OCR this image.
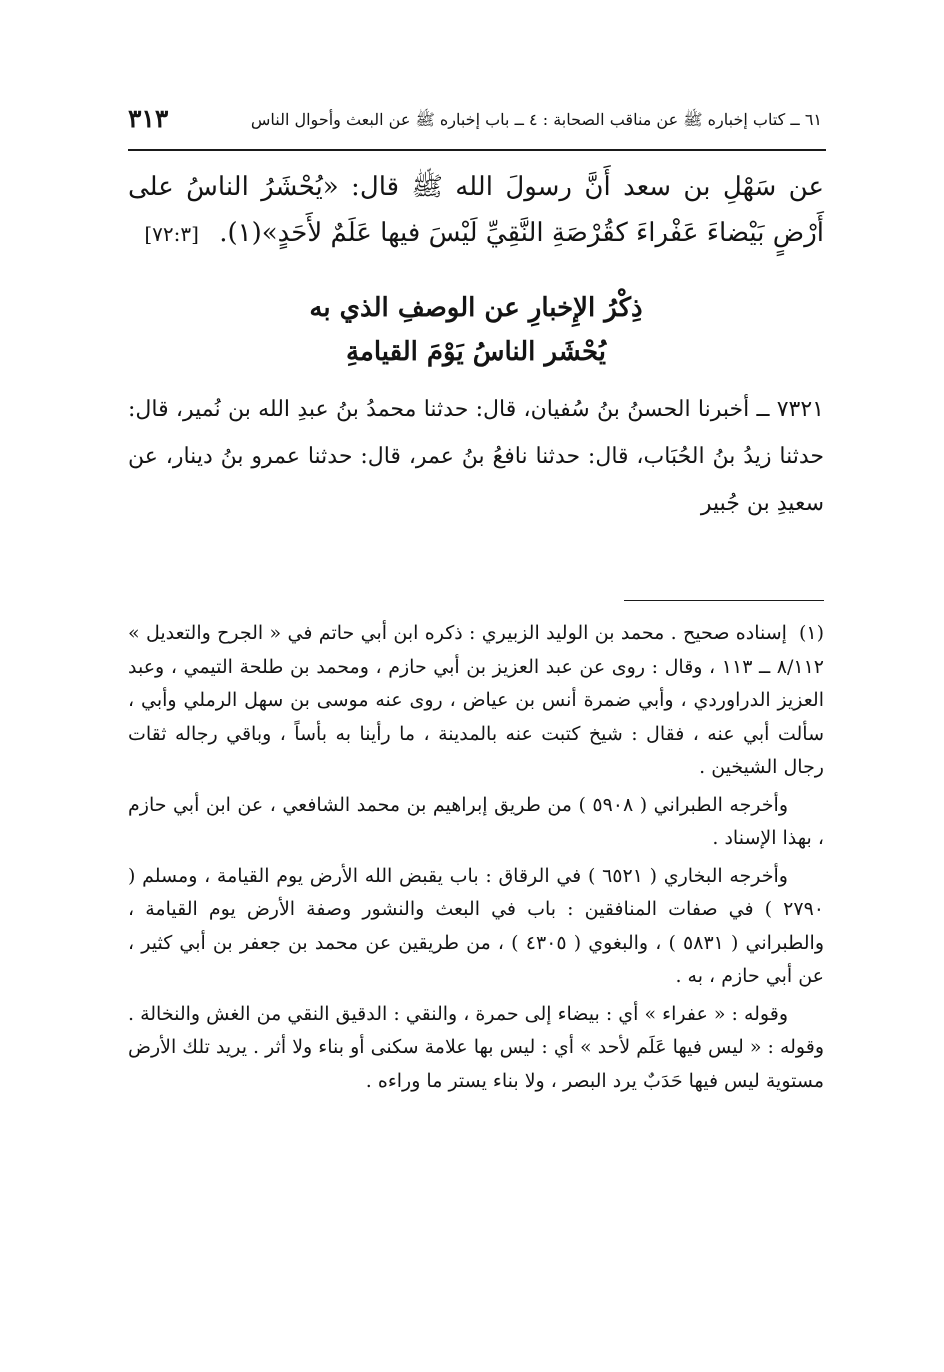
٣١٣	٦١ ــ كتاب إخباره ﷺ عن مناقب الصحابة : ٤ ــ باب إخباره ﷺ عن البعث وأحوال الناس
عن سَهْلِ بن سعد أَنَّ رسولَ الله ﷺ قال: «يُحْشَرُ الناسُ على أَرْضٍ بَيْضاءَ عَفْراءَ كقُرْصَةِ النَّقِيِّ لَيْسَ فيها عَلَمٌ لأَحَدٍ»(١). [٧٢:٣]
ذِكْرُ الإِخبارِ عن الوصفِ الذي به
يُحْشَر الناسُ يَوْمَ القيامةِ
٧٣٢١ ــ أخبرنا الحسنُ بنُ سُفيان، قال: حدثنا محمدُ بنُ عبدِ الله بن نُمير، قال: حدثنا زيدُ بنُ الحُبَاب، قال: حدثنا نافعُ بنُ عمر، قال: حدثنا عمرو بنُ دينار، عن سعيدِ بن جُبير

(١)إسناده صحيح . محمد بن الوليد الزبيري : ذكره ابن أبي حاتم في « الجرح والتعديل » ٨/١١٢ ــ ١١٣ ، وقال : روى عن عبد العزيز بن أبي حازم ، ومحمد بن طلحة التيمي ، وعبد العزيز الدراوردي ، وأبي ضمرة أنس بن عياض ، روى عنه موسى بن سهل الرملي وأبي ، سألت أبي عنه ، فقال : شيخ كتبت عنه بالمدينة ، ما رأينا به بأساً ، وباقي رجاله ثقات رجال الشيخين .

وأخرجه الطبراني ( ٥٩٠٨ ) من طريق إبراهيم بن محمد الشافعي ، عن ابن أبي حازم ، بهذا الإسناد .

وأخرجه البخاري ( ٦٥٢١ ) في الرقاق : باب يقبض الله الأرض يوم القيامة ، ومسلم ( ٢٧٩٠ ) في صفات المنافقين : باب في البعث والنشور وصفة الأرض يوم القيامة ، والطبراني ( ٥٨٣١ ) ، والبغوي ( ٤٣٠٥ ) ، من طريقين عن محمد بن جعفر بن أبي كثير ، عن أبي حازم ، به .

وقوله : « عفراء » أي : بيضاء إلى حمرة ، والنقي : الدقيق النقي من الغش والنخالة . وقوله : « ليس فيها عَلَم لأحد » أي : ليس بها علامة سكنى أو بناء ولا أثر . يريد تلك الأرض مستوية ليس فيها حَدَبٌ يرد البصر ، ولا بناء يستر ما وراءه .
